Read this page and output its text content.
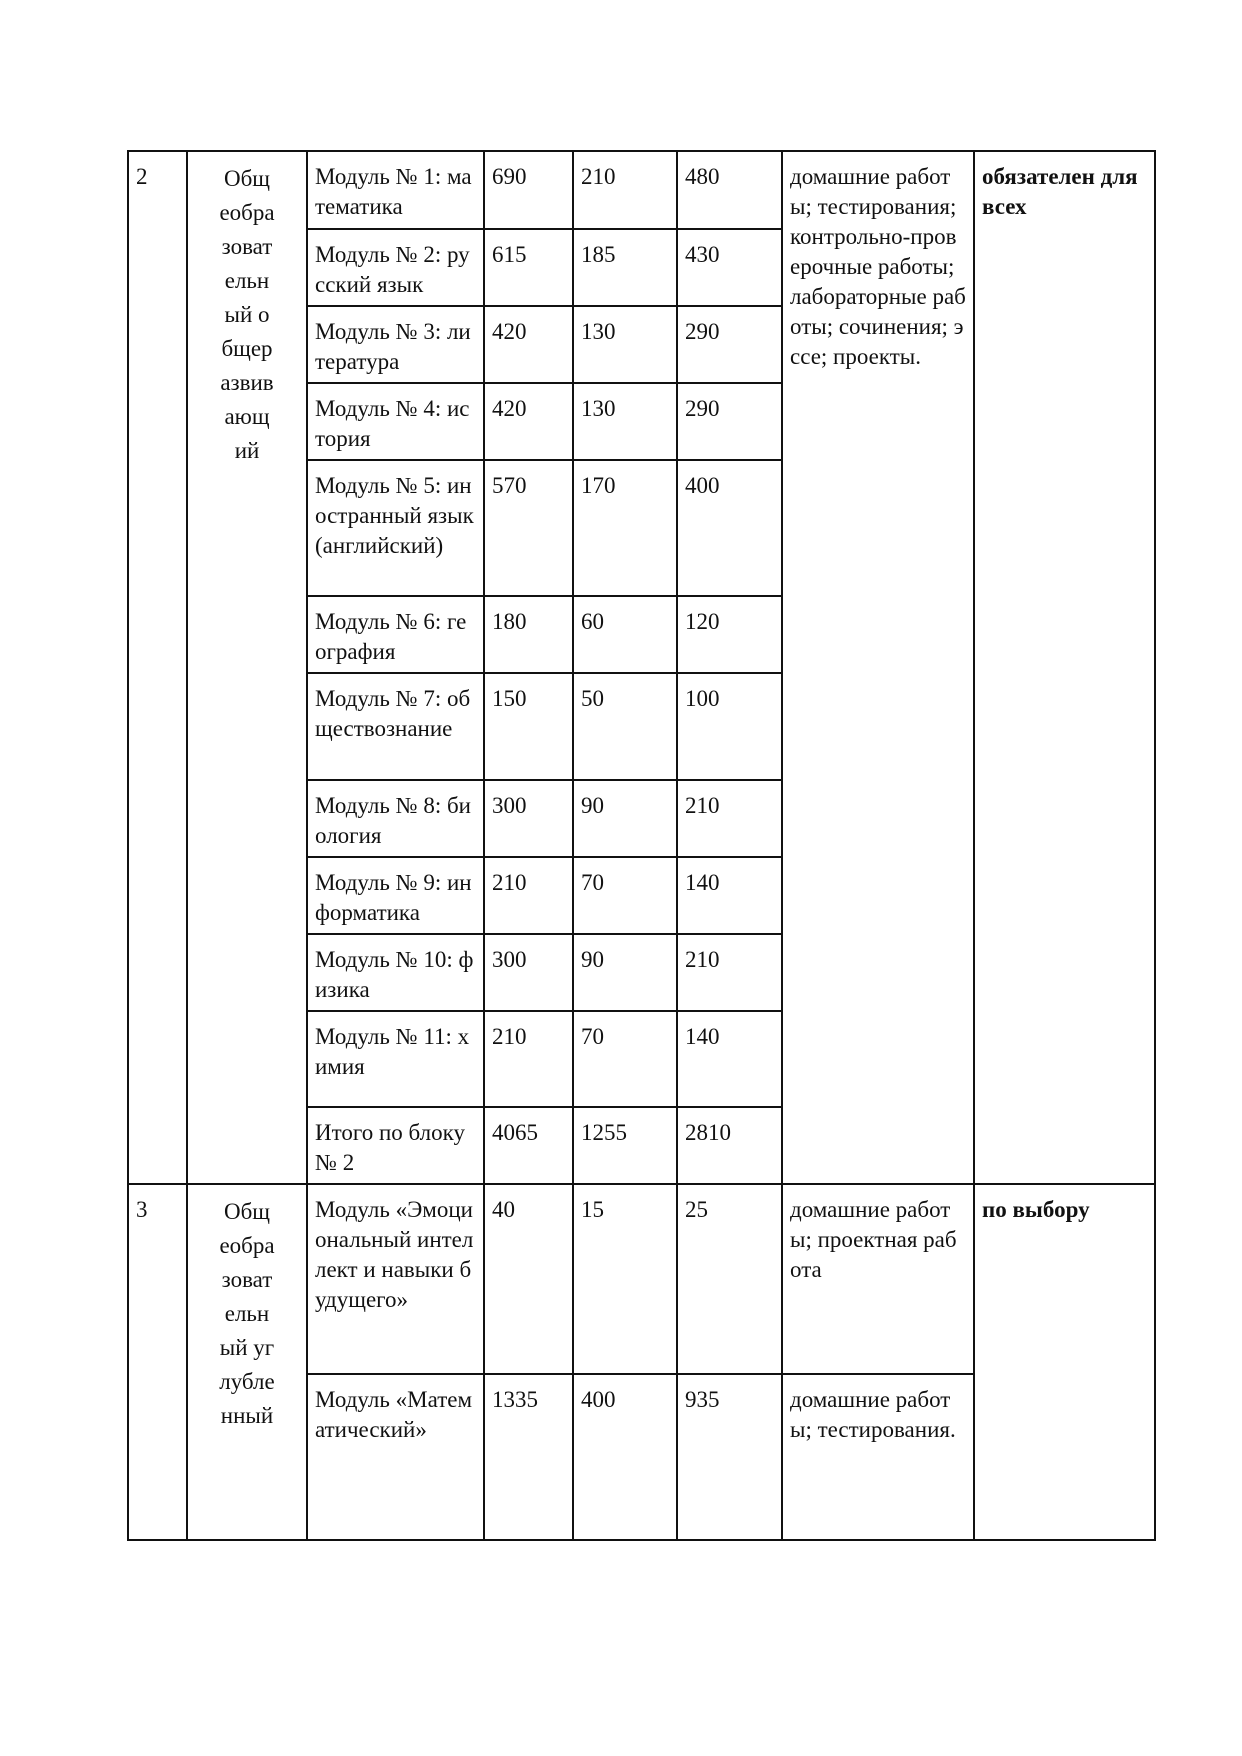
2	Общеобразовательный общеразвивающий	Модуль № 1: математика	690	210	480	домашние работы; тестирования; контрольно-проверочные работы; лабораторные работы; сочинения; эссе; проекты.	обязателен для всех
		Модуль № 2: русский язык	615	185	430		
		Модуль № 3: литература	420	130	290		
		Модуль № 4: история	420	130	290		
		Модуль № 5: иностранный язык (английский)	570	170	400		
		Модуль № 6: география	180	60	120		
		Модуль № 7: обществознание	150	50	100		
		Модуль № 8: биология	300	90	210		
		Модуль № 9: информатика	210	70	140		
		Модуль № 10: физика	300	90	210		
		Модуль № 11: химия	210	70	140		
		Итого по блоку № 2	4065	1255	2810		
3	Общеобразовательный углубленный	Модуль «Эмоциональный интеллект и навыки будущего»	40	15	25	домашние работы; проектная работа	по выбору
		Модуль «Математический»	1335	400	935	домашние работы; тестирования.	
